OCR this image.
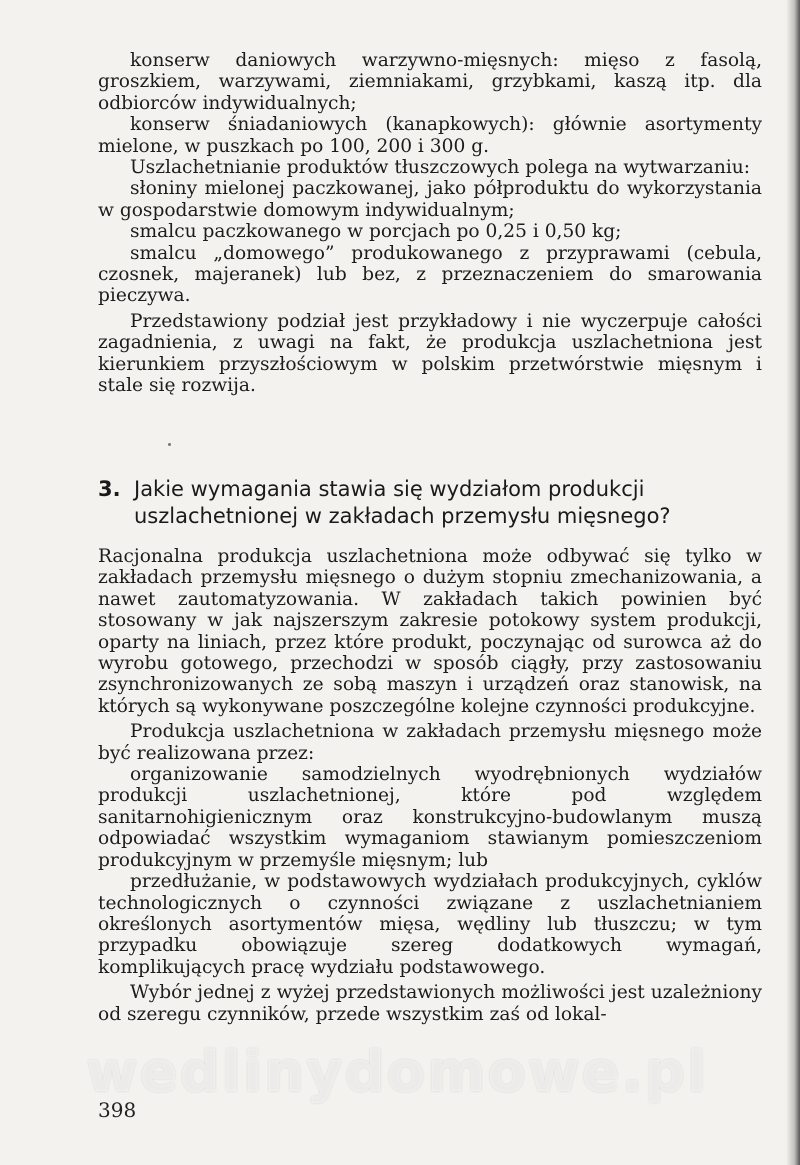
konserw daniowych warzywno-mięsnych: mięso z fasolą, groszkiem, warzywami, ziemniakami, grzybkami, kaszą itp. dla odbiorców indywidualnych;

konserw śniadaniowych (kanapkowych): głównie asortymenty mielone, w puszkach po 100, 200 i 300 g.

Uszlachetnianie produktów tłuszczowych polega na wytwarzaniu:

słoniny mielonej paczkowanej, jako półproduktu do wykorzystania w gospodarstwie domowym indywidualnym;

smalcu paczkowanego w porcjach po 0,25 i 0,50 kg;

smalcu „domowego” produkowanego z przyprawami (cebula, czosnek, majeranek) lub bez, z przeznaczeniem do smarowania pieczywa.

Przedstawiony podział jest przykładowy i nie wyczerpuje całości zagadnienia, z uwagi na fakt, że produkcja uszlachetniona jest kierunkiem przyszłościowym w polskim przetwórstwie mięsnym i stale się rozwija.

3. Jakie wymagania stawia się wydziałom produkcji
uszlachetnionej w zakładach przemysłu mięsnego?

Racjonalna produkcja uszlachetniona może odbywać się tylko w zakładach przemysłu mięsnego o dużym stopniu zmechanizowania, a nawet zautomatyzowania. W zakładach takich powinien być stosowany w jak najszerszym zakresie potokowy system produkcji, oparty na liniach, przez które produkt, poczynając od surowca aż do wyrobu gotowego, przechodzi w sposób ciągły, przy zastosowaniu zsynchronizowanych ze sobą maszyn i urządzeń oraz stanowisk, na których są wykonywane poszczególne kolejne czynności produkcyjne.

Produkcja uszlachetniona w zakładach przemysłu mięsnego może być realizowana przez:

organizowanie samodzielnych wyodrębnionych wydziałów produkcji uszlachetnionej, które pod względem sanitarnohigienicznym oraz konstrukcyjno-budowlanym muszą odpowiadać wszystkim wymaganiom stawianym pomieszczeniom produkcyjnym w przemyśle mięsnym; lub

przedłużanie, w podstawowych wydziałach produkcyjnych, cyklów technologicznych o czynności związane z uszlachetnianiem określonych asortymentów mięsa, wędliny lub tłuszczu; w tym przypadku obowiązuje szereg dodatkowych wymagań, komplikujących pracę wydziału podstawowego.

Wybór jednej z wyżej przedstawionych możliwości jest uzależniony od szeregu czynników, przede wszystkim zaś od lokal-

wedlinydomowe.pl
398
